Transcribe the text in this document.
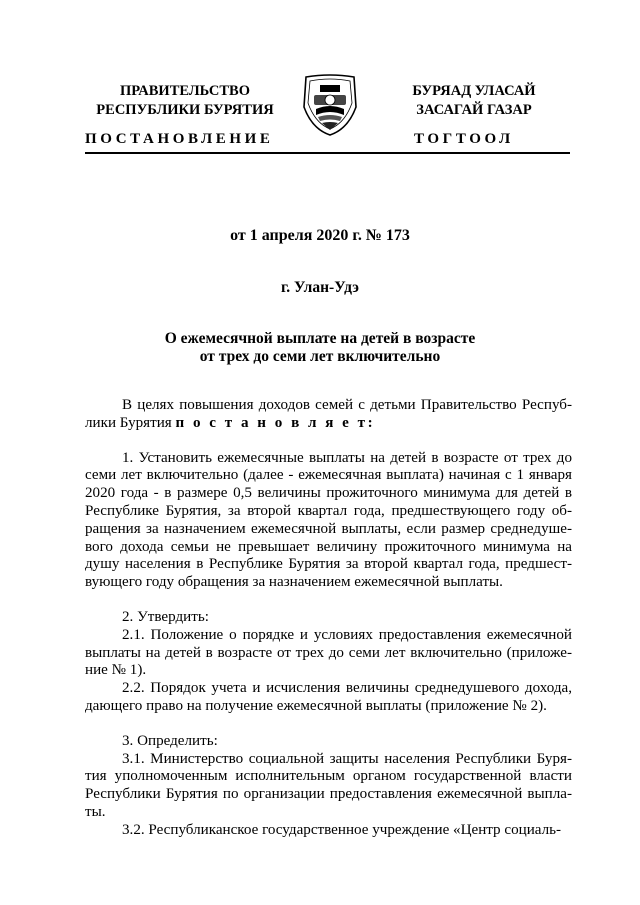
ПРАВИТЕЛЬСТВО
РЕСПУБЛИКИ БУРЯТИЯ
БУРЯАД УЛАСАЙ
ЗАСАГАЙ ГАЗАР
ПОСТАНОВЛЕНИЕ	ТОГТООЛ
от 1 апреля 2020 г. № 173
г. Улан-Удэ
О ежемесячной выплате на детей в возрасте
от трех до семи лет включительно

В целях повышения доходов семей с детьми Правительство Респуб-лики Бурятия п о с т а н о в л я е т:

1. Установить ежемесячные выплаты на детей в возрасте от трех до семи лет включительно (далее - ежемесячная выплата) начиная с 1 января 2020 года - в размере 0,5 величины прожиточного минимума для детей в Республике Бурятия, за второй квартал года, предшествующего году об-ращения за назначением ежемесячной выплаты, если размер среднедуше-вого дохода семьи не превышает величину прожиточного минимума на душу населения в Республике Бурятия за второй квартал года, предшест-вующего году обращения за назначением ежемесячной выплаты.

2. Утвердить:

2.1. Положение о порядке и условиях предоставления ежемесячной выплаты на детей в возрасте от трех до семи лет включительно (приложе-ние № 1).

2.2. Порядок учета и исчисления величины среднедушевого дохода, дающего право на получение ежемесячной выплаты (приложение № 2).

3. Определить:

3.1. Министерство социальной защиты населения Республики Буря-тия уполномоченным исполнительным органом государственной власти Республики Бурятия по организации предоставления ежемесячной выпла-ты.

3.2. Республиканское государственное учреждение «Центр социаль-
